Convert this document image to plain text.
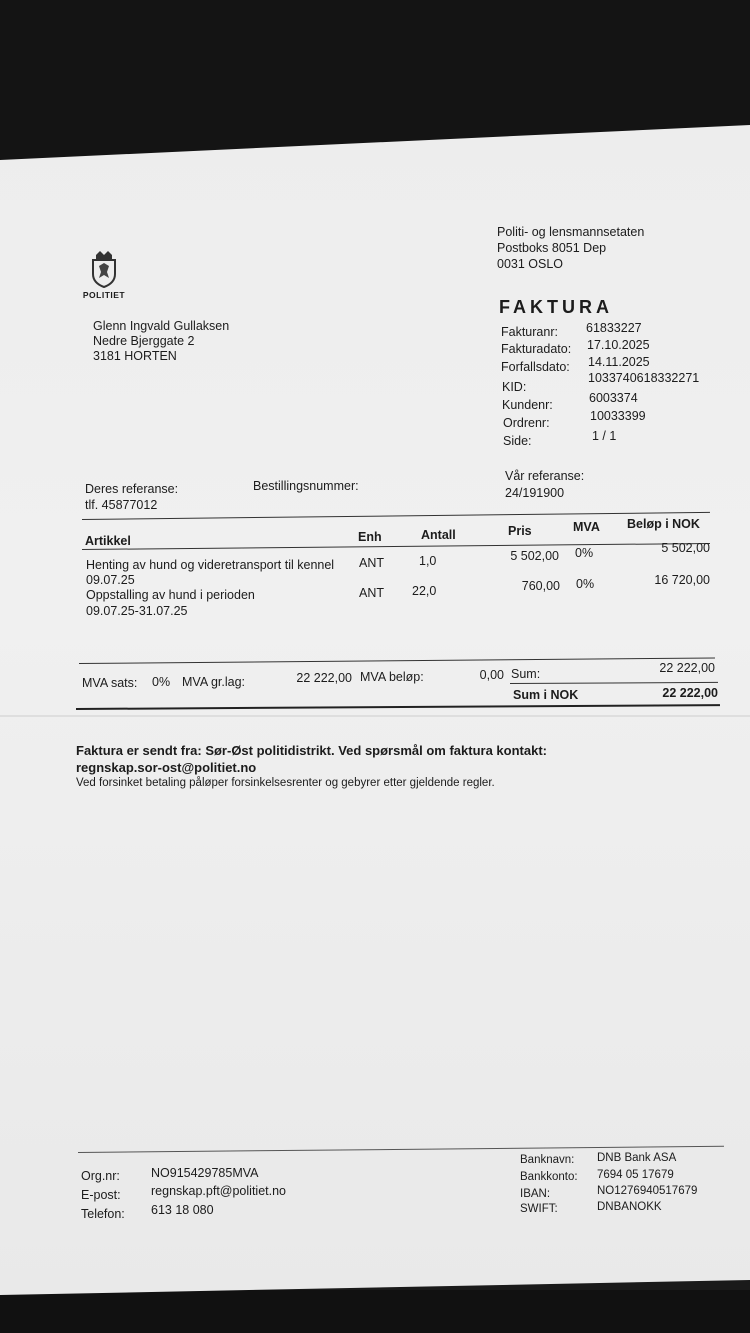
POLITIET
Politi- og lensmannsetaten
Postboks 8051 Dep
0031 OSLO
Glenn Ingvald Gullaksen
Nedre Bjerggate 2
3181 HORTEN
FAKTURA
Fakturanr: 61833227
Fakturadato: 17.10.2025
Forfallsdato: 14.11.2025
KID:
1033740618332271
Kundenr:	6003374
Ordrenr:	10033399
Side:	1 / 1
Deres referanse:
tlf. 45877012
Bestillingsnummer:
Vår referanse:
24/191900
Artikkel	Enh	Antall	Pris	MVA Beløp i NOK
Henting av hund og videretransport til kennel
09.07.25
ANT	1,0	5 502,00 0%	5 502,00
Oppstalling av hund i perioden
09.07.25-31.07.25
ANT 22,0	760,00 0%	16 720,00
MVA sats: 0% MVA gr.lag:	22 222,00 MVA beløp:	0,00 Sum:	22 222,00
Sum i NOK	22 222,00
Faktura er sendt fra: Sør-Øst politidistrikt. Ved spørsmål om faktura kontakt:
regnskap.sor-ost@politiet.no
Ved forsinket betaling påløper forsinkelsesrenter og gebyrer etter gjeldende regler.
Org.nr: NO915429785MVA
E-post: regnskap.pft@politiet.no
Telefon: 613 18 080
Banknavn: DNB Bank ASA
Bankkonto: 7694 05 17679
IBAN:	NO1276940517679
SWIFT:	DNBANOKK
